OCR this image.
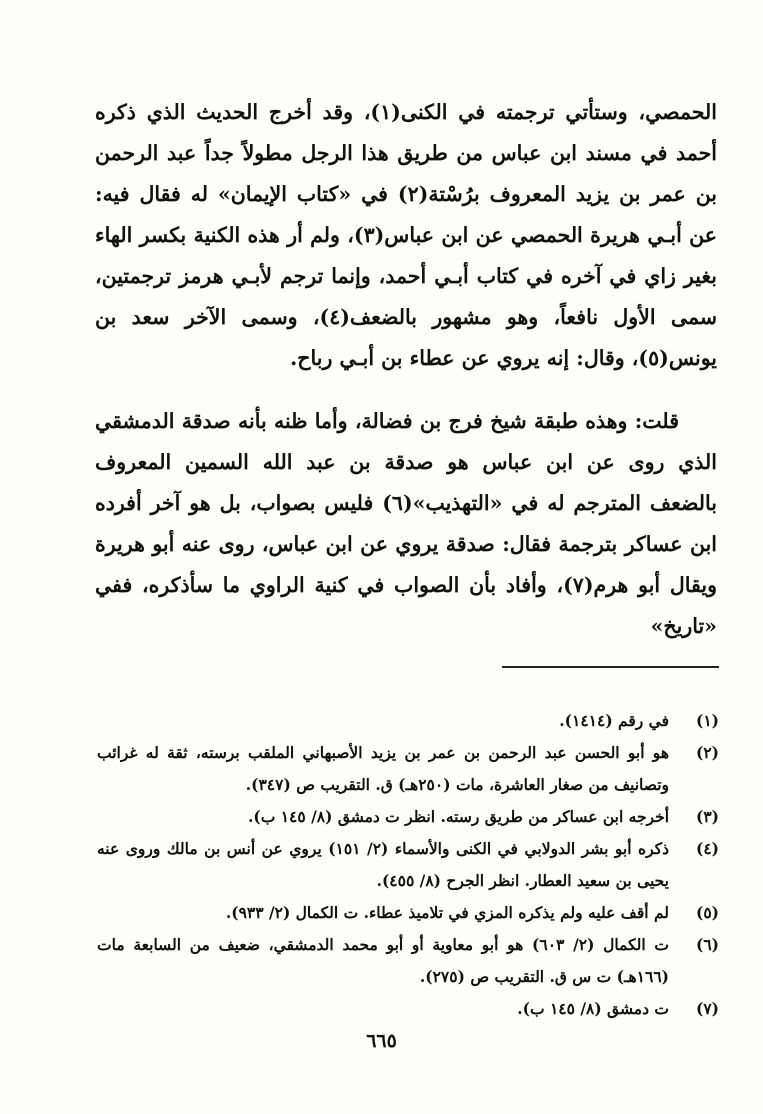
الحمصي، وستأتي ترجمته في الكنى(١)، وقد أخرج الحديث الذي ذكره أحمد في مسند ابن عباس من طريق هذا الرجل مطولاً جداً عبد الرحمن بن عمر بن يزيد المعروف برُسْتة(٢) في «كتاب الإيمان» له فقال فيه: عن أبـي هريرة الحمصي عن ابن عباس(٣)، ولم أر هذه الكنية بكسر الهاء بغير زاي في آخره في كتاب أبـي أحمد، وإنما ترجم لأبـي هرمز ترجمتين، سمى الأول نافعاً، وهو مشهور بالضعف(٤)، وسمى الآخر سعد بن يونس(٥)، وقال: إنه يروي عن عطاء بن أبـي رباح.

قلت: وهذه طبقة شيخ فرج بن فضالة، وأما ظنه بأنه صدقة الدمشقي الذي روى عن ابن عباس هو صدقة بن عبد الله السمين المعروف بالضعف المترجم له في «التهذيب»(٦) فليس بصواب، بل هو آخر أفرده ابن عساكر بترجمة فقال: صدقة يروي عن ابن عباس، روى عنه أبو هريرة ويقال أبو هرم(٧)، وأفاد بأن الصواب في كنية الراوي ما سأذكره، ففي «تاريخ»

(١)
في رقم (١٤١٤).
(٢)
هو أبو الحسن عبد الرحمن بن عمر بن يزيد الأصبهاني الملقب برسته، ثقة له غرائب وتصانيف من صغار العاشرة، مات (٢٥٠هـ) ق. التقريب ص (٣٤٧).
(٣)
أخرجه ابن عساكر من طريق رسته. انظر ت دمشق (٨/ ١٤٥ ب).
(٤)
ذكره أبو بشر الدولابي في الكنى والأسماء (٢/ ١٥١) يروي عن أنس بن مالك وروى عنه يحيى بن سعيد العطار. انظر الجرح (٨/ ٤٥٥).
(٥)
لم أقف عليه ولم يذكره المزي في تلاميذ عطاء. ت الكمال (٢/ ٩٣٣).
(٦)
ت الكمال (٢/ ٦٠٣) هو أبو معاوية أو أبو محمد الدمشقي، ضعيف من السابعة مات (١٦٦هـ) ت س ق. التقريب ص (٢٧٥).
(٧)
ت دمشق (٨/ ١٤٥ ب).
٦٦٥
